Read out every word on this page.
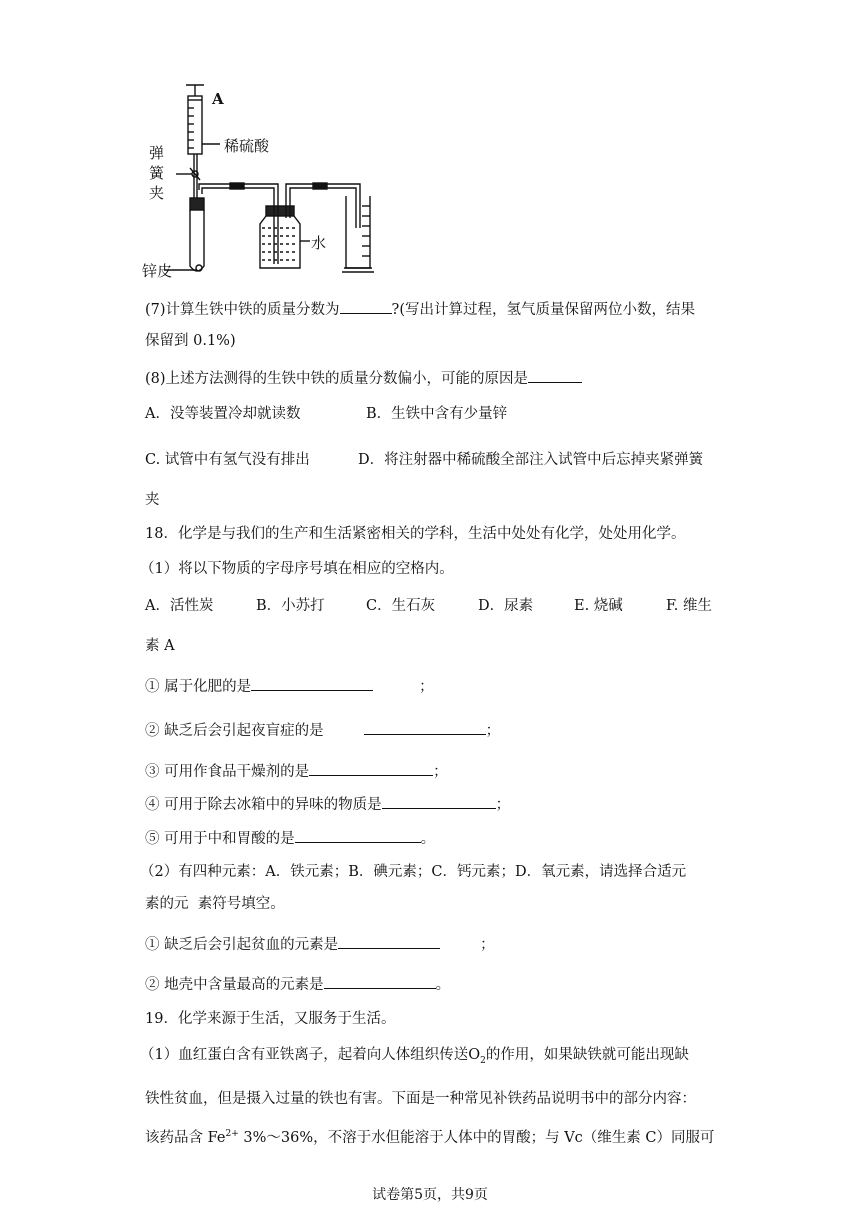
A
稀硫酸
弹
簧
夹
水
锌皮
(7)计算生铁中铁的质量分数为	?(写出计算过程，氢气质量保留两位小数，结果
保留到 0.1%)
(8)上述方法测得的生铁中铁的质量分数偏小，可能的原因是
A．没等装置冷却就读数	B．生铁中含有少量锌
C. 试管中有氢气没有排出	D．将注射器中稀硫酸全部注入试管中后忘掉夹紧弹簧
夹
18．化学是与我们的生产和生活紧密相关的学科，生活中处处有化学，处处用化学。
（1）将以下物质的字母序号填在相应的空格内。
A．活性炭	B．小苏打	C．生石灰	D．尿素	E. 烧碱	F. 维生
素 A
① 属于化肥的是	；
② 缺乏后会引起夜盲症的是	；
③ 可用作食品干燥剂的是	；
④ 可用于除去冰箱中的异味的物质是	；
⑤ 可用于中和胃酸的是	。
（2）有四种元素：A．铁元素；B．碘元素；C．钙元素；D．氧元素，请选择合适元
素的元  素符号填空。
① 缺乏后会引起贫血的元素是	；
② 地壳中含量最高的元素是	。
19．化学来源于生活，又服务于生活。
（1）血红蛋白含有亚铁离子，起着向人体组织传送$O_2$的作用，如果缺铁就可能出现缺
铁性贫血，但是摄入过量的铁也有害。下面是一种常见补铁药品说明书中的部分内容：
该药品含 $Fe^{2+}$ 3%～36%，不溶于水但能溶于人体中的胃酸；与 Vc（维生素 C）同服可
试卷第5页，共9页
